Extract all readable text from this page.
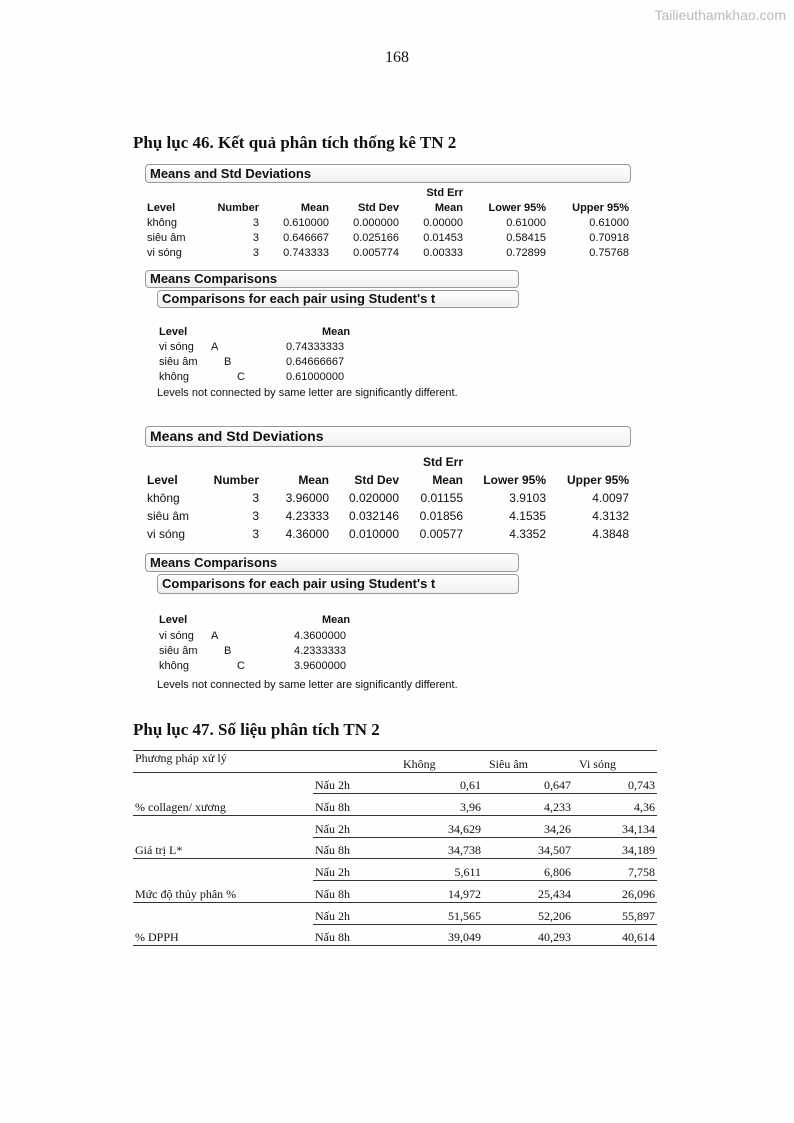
Tailieuthamkhao.com
168
Phụ lục 46. Kết quả phân tích thống kê TN 2
Means and Std Deviations
				Std Err		
Level	Number	Mean	Std Dev	Mean	Lower 95%	Upper 95%
không	3	0.610000	0.000000	0.00000	0.61000	0.61000
siêu âm	3	0.646667	0.025166	0.01453	0.58415	0.70918
vi sóng	3	0.743333	0.005774	0.00333	0.72899	0.75768
Means Comparisons
Comparisons for each pair using Student's t
Level	Mean
vi sóng A	0.74333333
siêu âm B	0.64666667
không	C	0.61000000
Levels not connected by same letter are significantly different.
Means and Std Deviations
				Std Err		
Level	Number	Mean	Std Dev	Mean	Lower 95%	Upper 95%
không	3	3.96000	0.020000	0.01155	3.9103	4.0097
siêu âm	3	4.23333	0.032146	0.01856	4.1535	4.3132
vi sóng	3	4.36000	0.010000	0.00577	4.3352	4.3848
Means Comparisons
Comparisons for each pair using Student's t
Level	Mean
vi sóng A	4.3600000
siêu âm B	4.2333333
không	C	3.9600000
Levels not connected by same letter are significantly different.
Phụ lục 47. Số liệu phân tích TN 2
Phương pháp xử lý		Không	Siêu âm	Vi sóng
	Nấu 2h	0,61	0,647	0,743
% collagen/ xương	Nấu 8h	3,96	4,233	4,36
	Nấu 2h	34,629	34,26	34,134
Giá trị L*	Nấu 8h	34,738	34,507	34,189
	Nấu 2h	5,611	6,806	7,758
Mức độ thủy phân %	Nấu 8h	14,972	25,434	26,096
	Nấu 2h	51,565	52,206	55,897
% DPPH	Nấu 8h	39,049	40,293	40,614
